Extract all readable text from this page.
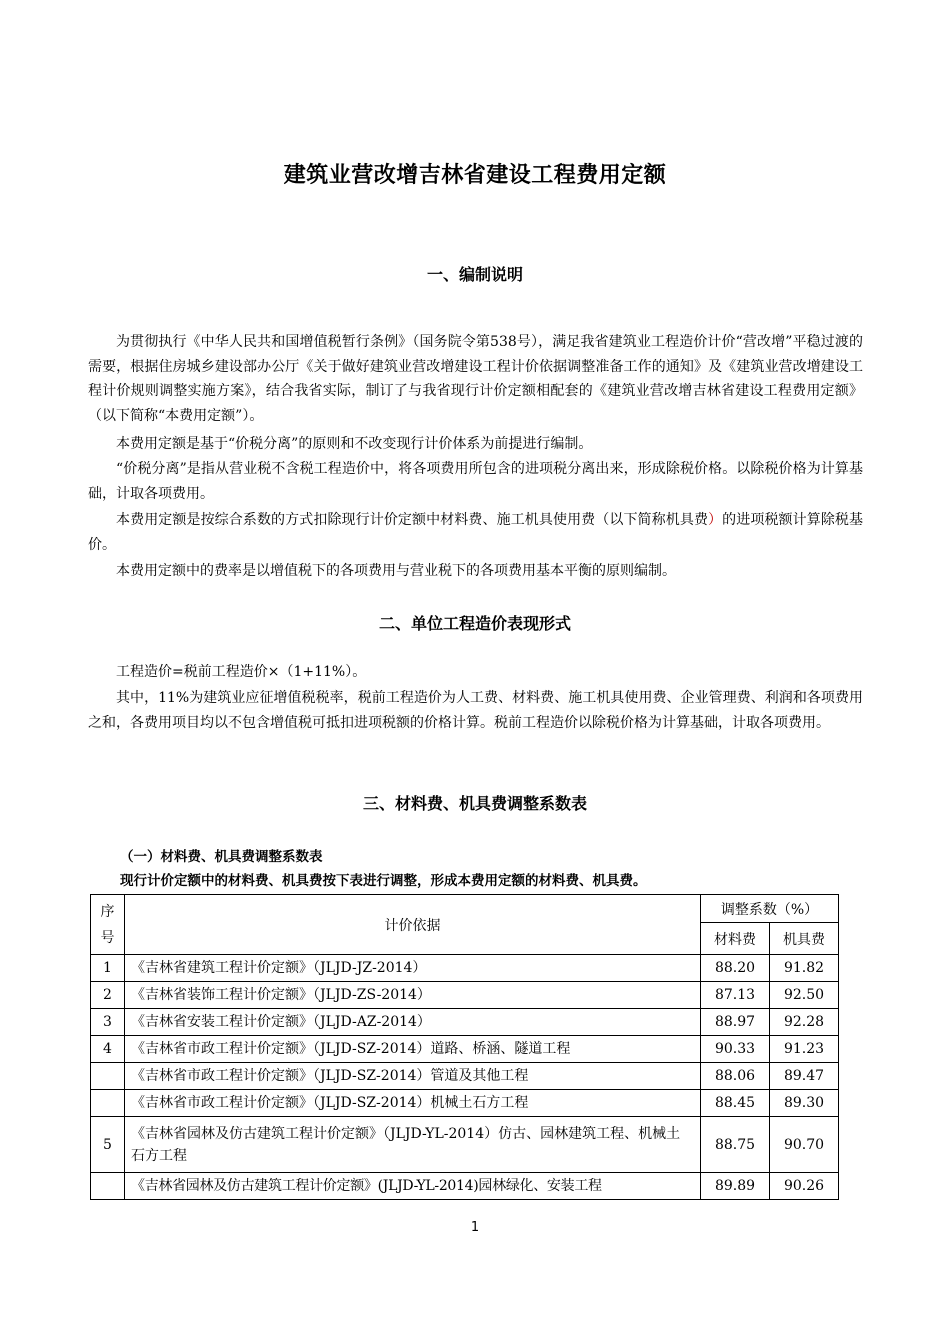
建筑业营改增吉林省建设工程费用定额
一、编制说明
为贯彻执行《中华人民共和国增值税暂行条例》（国务院令第538号），满足我省建筑业工程造价计价“营改增”平稳过渡的需要，根据住房城乡建设部办公厅《关于做好建筑业营改增建设工程计价依据调整准备工作的通知》及《建筑业营改增建设工程计价规则调整实施方案》，结合我省实际，制订了与我省现行计价定额相配套的《建筑业营改增吉林省建设工程费用定额》（以下简称“本费用定额”）。
本费用定额是基于“价税分离”的原则和不改变现行计价体系为前提进行编制。
“价税分离”是指从营业税不含税工程造价中，将各项费用所包含的进项税分离出来，形成除税价格。以除税价格为计算基础，计取各项费用。
本费用定额是按综合系数的方式扣除现行计价定额中材料费、施工机具使用费（以下简称机具费）的进项税额计算除税基价。
本费用定额中的费率是以增值税下的各项费用与营业税下的各项费用基本平衡的原则编制。
二、单位工程造价表现形式
工程造价=税前工程造价×（1+11%）。
其中，11%为建筑业应征增值税税率，税前工程造价为人工费、材料费、施工机具使用费、企业管理费、利润和各项费用之和，各费用项目均以不包含增值税可抵扣进项税额的价格计算。税前工程造价以除税价格为计算基础，计取各项费用。
三、材料费、机具费调整系数表
（一）材料费、机具费调整系数表
现行计价定额中的材料费、机具费按下表进行调整，形成本费用定额的材料费、机具费。
序号	计价依据	调整系数（%）	
		材料费	机具费
1	《吉林省建筑工程计价定额》（JLJD-JZ-2014）	88.20	91.82
2	《吉林省装饰工程计价定额》（JLJD-ZS-2014）	87.13	92.50
3	《吉林省安装工程计价定额》（JLJD-AZ-2014）	88.97	92.28
4	《吉林省市政工程计价定额》（JLJD-SZ-2014）道路、桥涵、隧道工程	90.33	91.23
	《吉林省市政工程计价定额》（JLJD-SZ-2014）管道及其他工程	88.06	89.47
	《吉林省市政工程计价定额》（JLJD-SZ-2014）机械土石方工程	88.45	89.30
5	《吉林省园林及仿古建筑工程计价定额》（JLJD-YL-2014）仿古、园林建筑工程、机械土石方工程	88.75	90.70
	《吉林省园林及仿古建筑工程计价定额》(JLJD-YL-2014)园林绿化、安装工程	89.89	90.26
1
